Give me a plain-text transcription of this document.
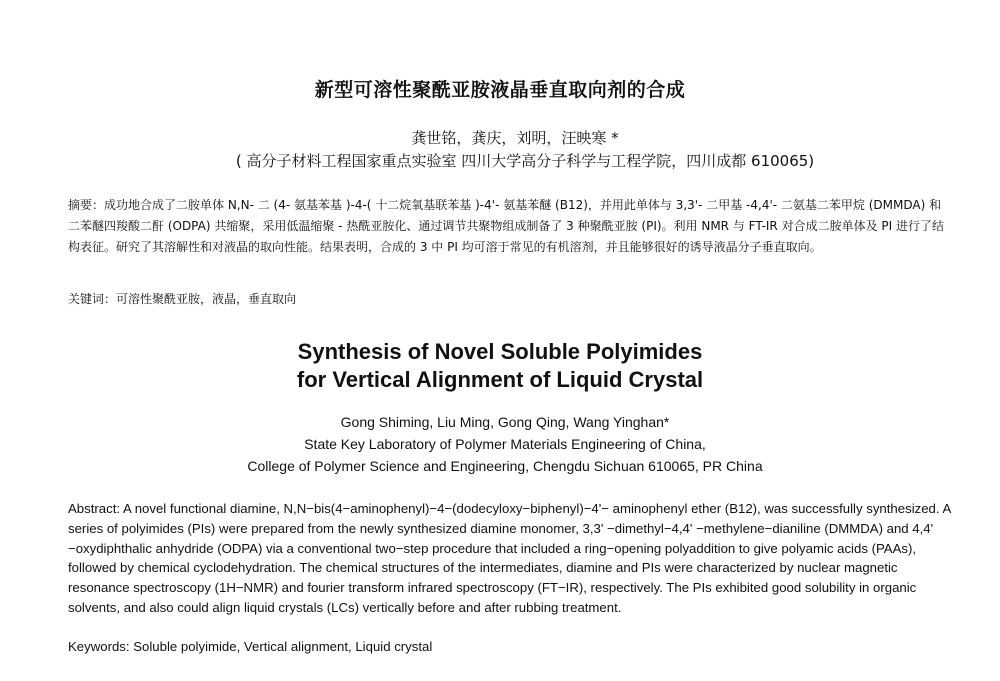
新型可溶性聚酰亚胺液晶垂直取向剂的合成
龚世铭，龚庆，刘明，汪映寒 *
( 高分子材料工程国家重点实验室 四川大学高分子科学与工程学院，四川成都 610065)

摘要：成功地合成了二胺单体 N,N- 二 (4- 氨基苯基 )-4-( 十二烷氧基联苯基 )-4'- 氨基苯醚 (B12)，并用此单体与 3,3'- 二甲基 -4,4'- 二氨基二苯甲烷 (DMMDA) 和二苯醚四羧酸二酐 (ODPA) 共缩聚，采用低温缩聚 - 热酰亚胺化、通过调节共聚物组成制备了 3 种聚酰亚胺 (PI)。利用 NMR 与 FT-IR 对合成二胺单体及 PI 进行了结构表征。研究了其溶解性和对液晶的取向性能。结果表明，合成的 3 中 PI 均可溶于常见的有机溶剂，并且能够很好的诱导液晶分子垂直取向。

关键词：可溶性聚酰亚胺，液晶，垂直取向

Synthesis of Novel Soluble Polyimides
for Vertical Alignment of Liquid Crystal
Gong Shiming, Liu Ming, Gong Qing, Wang Yinghan*
State Key Laboratory of Polymer Materials Engineering of China,
College of Polymer Science and Engineering, Chengdu Sichuan 610065, PR China

Abstract: A novel functional diamine, N,N−bis(4−aminophenyl)−4−(dodecyloxy−biphenyl)−4'− aminophenyl ether (B12), was successfully synthesized. A series of polyimides (PIs) were prepared from the newly synthesized diamine monomer, 3,3' −dimethyl−4,4' −methylene−dianiline (DMMDA) and 4,4' −oxydiphthalic anhydride (ODPA) via a conventional two−step procedure that included a ring−opening polyaddition to give polyamic acids (PAAs), followed by chemical cyclodehydration. The chemical structures of the intermediates, diamine and PIs were characterized by nuclear magnetic resonance spectroscopy (1H−NMR) and fourier transform infrared spectroscopy (FT−IR), respectively. The PIs exhibited good solubility in organic solvents, and also could align liquid crystals (LCs) vertically before and after rubbing treatment.

Keywords: Soluble polyimide, Vertical alignment, Liquid crystal
